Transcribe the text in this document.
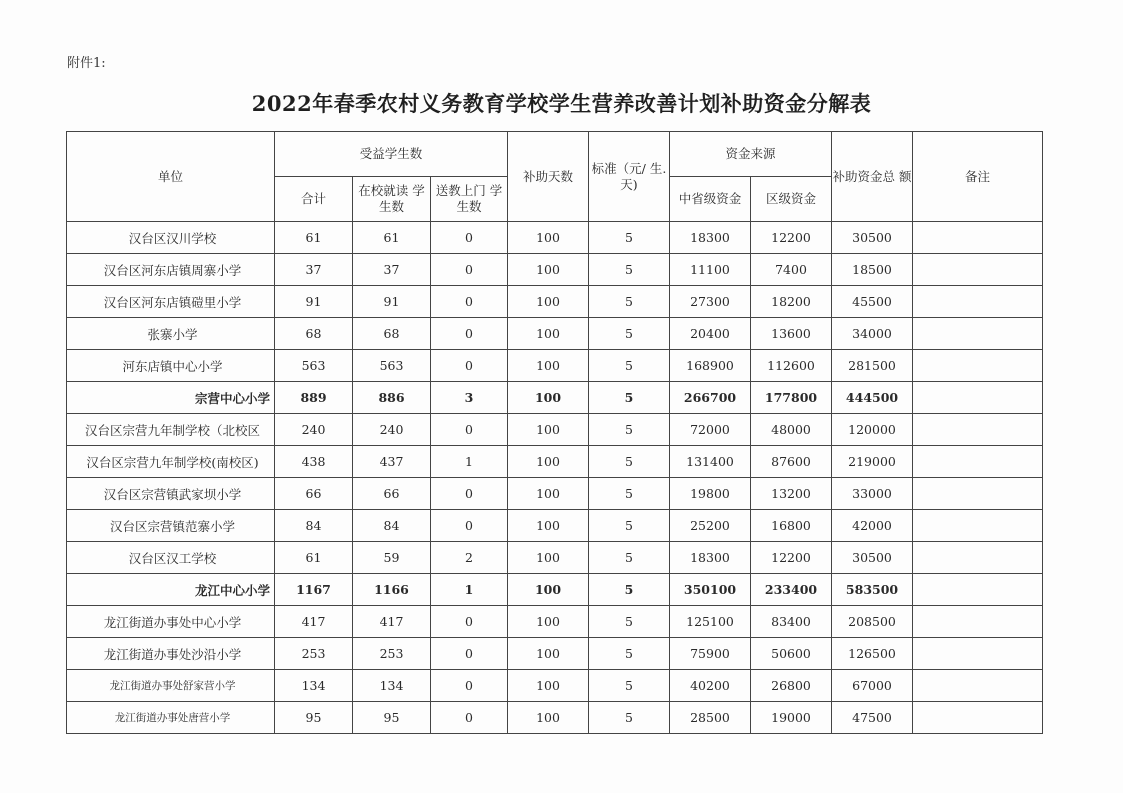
附件1:
2022年春季农村义务教育学校学生营养改善计划补助资金分解表
单位	受益学生数			补助天数	标准（元/ 生. 天)	资金来源		补助资金总 额	备注
	合计	在校就读 学生数	送教上门 学生数			中省级资金	区级资金		
汉台区汉川学校	61	61	0	100	5	18300	12200	30500	
汉台区河东店镇周寨小学	37	37	0	100	5	11100	7400	18500	
汉台区河东店镇磑里小学	91	91	0	100	5	27300	18200	45500	
张寨小学	68	68	0	100	5	20400	13600	34000	
河东店镇中心小学	563	563	0	100	5	168900	112600	281500	
宗营中心小学	889	886	3	100	5	266700	177800	444500	
汉台区宗营九年制学校（北校区	240	240	0	100	5	72000	48000	120000	
汉台区宗营九年制学校(南校区)	438	437	1	100	5	131400	87600	219000	
汉台区宗营镇武家坝小学	66	66	0	100	5	19800	13200	33000	
汉台区宗营镇范寨小学	84	84	0	100	5	25200	16800	42000	
汉台区汉工学校	61	59	2	100	5	18300	12200	30500	
龙江中心小学	1167	1166	1	100	5	350100	233400	583500	
龙江街道办事处中心小学	417	417	0	100	5	125100	83400	208500	
龙江街道办事处沙沿小学	253	253	0	100	5	75900	50600	126500	
龙江街道办事处舒家营小学	134	134	0	100	5	40200	26800	67000	
龙江街道办事处唐营小学	95	95	0	100	5	28500	19000	47500	
